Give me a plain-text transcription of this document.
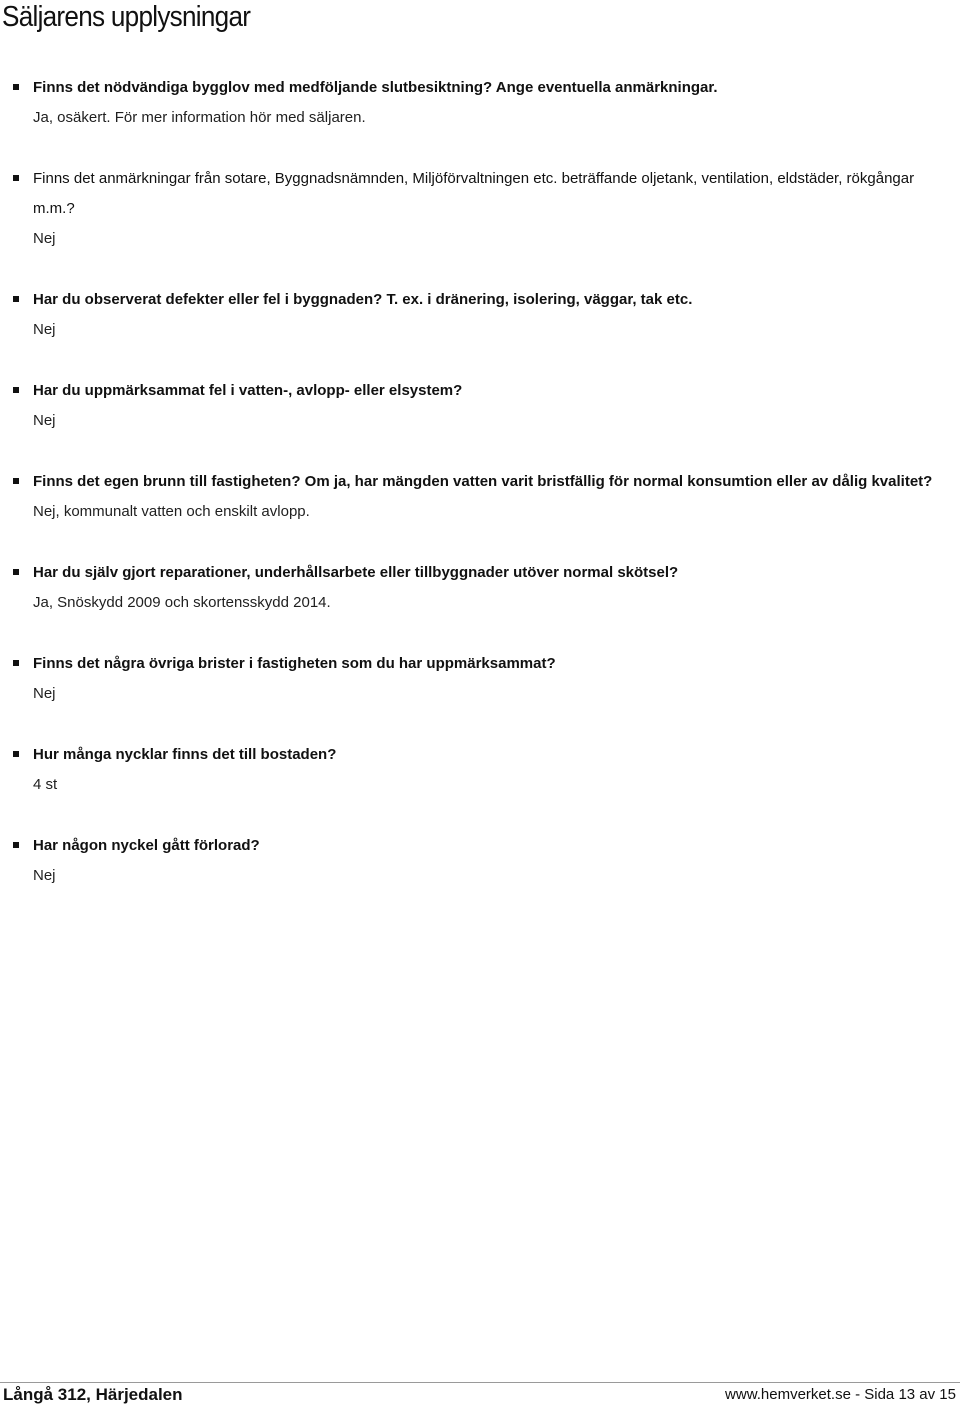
Säljarens upplysningar
Finns det nödvändiga bygglov med medföljande slutbesiktning? Ange eventuella anmärkningar.
Ja, osäkert. För mer information hör med säljaren.
Finns det anmärkningar från sotare, Byggnadsnämnden, Miljöförvaltningen etc. beträffande oljetank, ventilation, eldstäder, rökgångar m.m.?
Nej
Har du observerat defekter eller fel i byggnaden? T. ex. i dränering, isolering, väggar, tak etc.
Nej
Har du uppmärksammat fel i vatten-, avlopp- eller elsystem?
Nej
Finns det egen brunn till fastigheten? Om ja, har mängden vatten varit bristfällig för normal konsumtion eller av dålig kvalitet?
Nej, kommunalt vatten och enskilt avlopp.
Har du själv gjort reparationer, underhållsarbete eller tillbyggnader utöver normal skötsel?
Ja, Snöskydd 2009 och skortensskydd 2014.
Finns det några övriga brister i fastigheten som du har uppmärksammat?
Nej
Hur många nycklar finns det till bostaden?
4 st
Har någon nyckel gått förlorad?
Nej
Långå 312, Härjedalen	www.hemverket.se - Sida 13 av 15
